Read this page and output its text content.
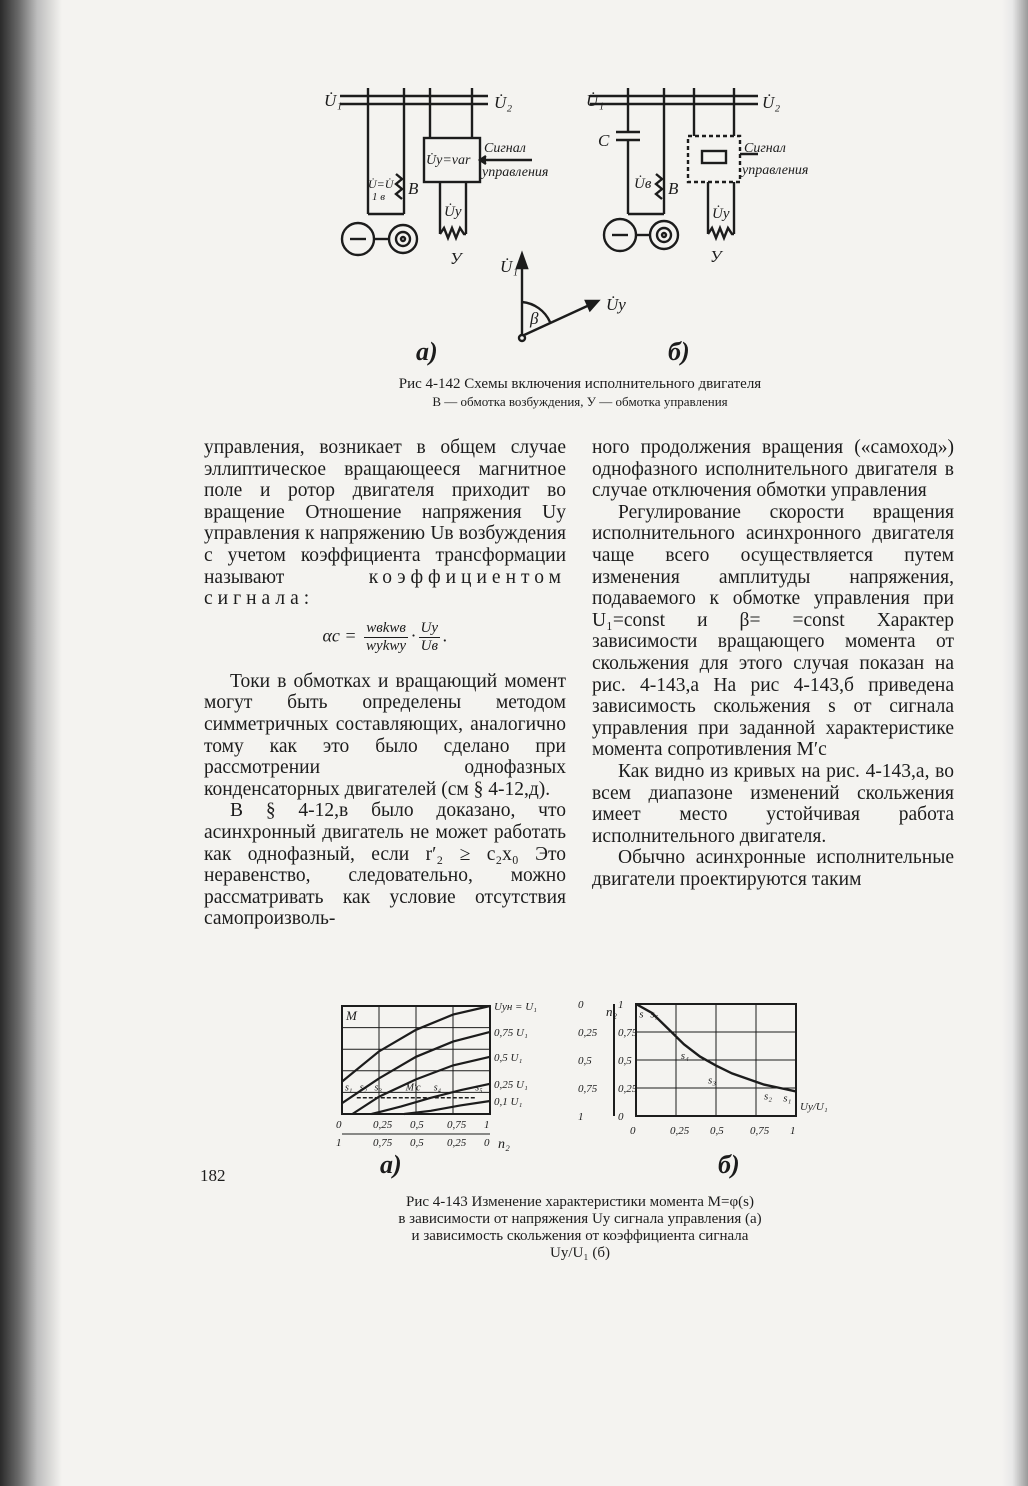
U̇₁	U̇₂
U̇y=var
Сигнал
управления
U̇=U̇
1 в B
U̇y
У
U̇₁	U̇₂
C
U̇в B
Сигнал
управления
U̇y
У
U̇₁
U̇y
β
а)	б)
Рис 4-142 Схемы включения исполнительного двигателя
B — обмотка возбуждения, У — обмотка управления

управления, возникает в общем случае эллиптическое вращающееся магнитное поле и ротор двигателя приходит во вращение Отношение напряжения Uу управления к напряжению Uв возбуждения с учетом коэффициента трансформации называют	коэффициентом сигнала:

$\alpha с = \frac{\text{wвkwв}}{\text{wуkwу}} \cdot \frac{Uу}{Uв}$ .

Токи в обмотках и вращающий момент могут быть определены методом симметричных составляющих, аналогично тому как это было сделано при рассмотрении однофазных конденсаторных двигателей (см § 4-12,д).

В § 4-12,в было доказано, что асинхронный двигатель не может работать как однофазный, если r′₂ ≥ c₂x₀ Это неравенство, следовательно, можно рассматривать как условие отсутствия самопроизволь-

ного продолжения вращения («самоход») однофазного исполнительного двигателя в случае отключения обмотки управления

Регулирование скорости вращения исполнительного асинхронного двигателя чаще всего осуществляется путем изменения амплитуды напряжения, подаваемого к обмотке управления при U₁=const и β= =const Характер зависимости вращающего момента от скольжения для этого случая показан на рис. 4-143,а На рис 4-143,б приведена зависимость скольжения s от сигнала управления при заданной характеристике момента сопротивления M′с

Как видно из кривых на рис. 4-143,а, во всем диапазоне изменений скольжения имеет место устойчивая работа исполнительного двигателя.

Обычно асинхронные исполнительные двигатели проектируются таким

M
Uун = U₁
0,75 U₁
0,5 U₁
0,25 U₁
0,1 U₁
s₁ s₂ s₃ M′с s₄	s₅
0	0,25 0,5 0,75 1
1	0,75 0,5 0,25 0 n₂
1
0,75
0,5
0,25
0
0
0,25
0,5
0,75
1
0	0,25 0,5 0,75 1
n₂
Uу/U₁
s s₅
s₄
s₃
s₂ s₁
а)	б)
Рис 4-143 Изменение характеристики момента M=φ(s)
в зависимости от напряжения Uу сигнала управления (а)
и зависимость скольжения от коэффициента сигнала
Uу/U₁ (б)
182
